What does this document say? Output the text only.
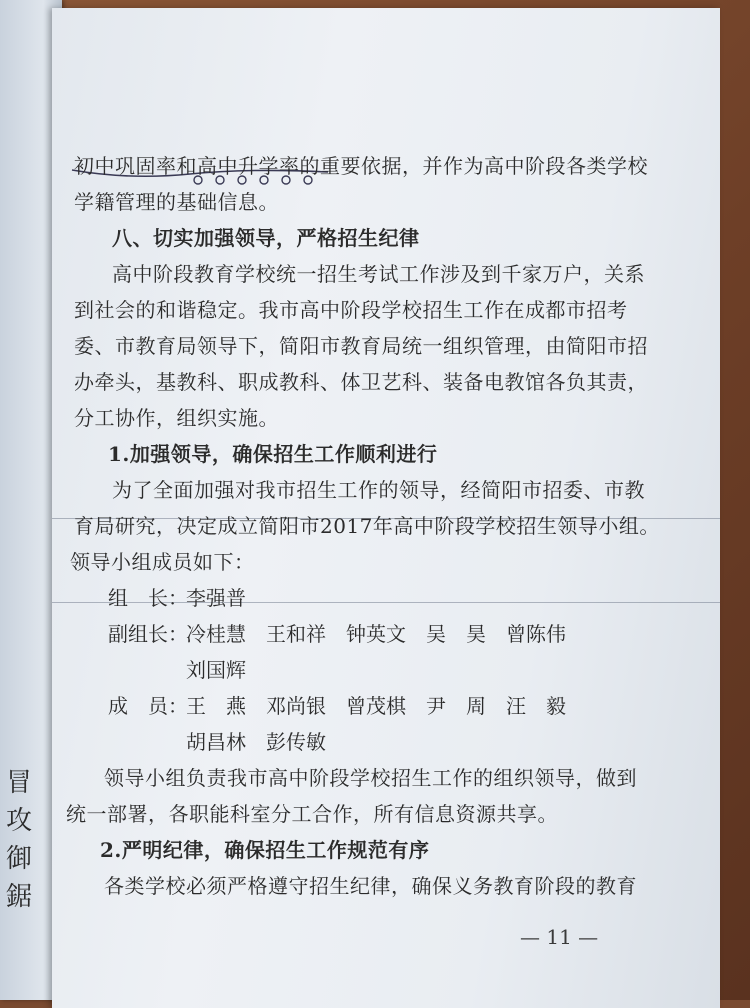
冒
攻
御
鋸
初中巩固率和高中升学率的重要依据，并作为高中阶段各类学校
学籍管理的基础信息。
八、切实加强领导，严格招生纪律
高中阶段教育学校统一招生考试工作涉及到千家万户，关系
到社会的和谐稳定。我市高中阶段学校招生工作在成都市招考
委、市教育局领导下，简阳市教育局统一组织管理，由简阳市招
办牵头，基教科、职成教科、体卫艺科、装备电教馆各负其责，
分工协作，组织实施。
1.加强领导，确保招生工作顺利进行
为了全面加强对我市招生工作的领导，经简阳市招委、市教
育局研究，决定成立简阳市2017年高中阶段学校招生领导小组。
领导小组成员如下：
组　长：
李强普
副组长：
冷桂慧　王和祥　钟英文　吴　昊　曾陈伟
刘国辉
成　员：
王　燕　邓尚银　曾茂棋　尹　周　汪　毅
胡昌林　彭传敏
领导小组负责我市高中阶段学校招生工作的组织领导，做到
统一部署，各职能科室分工合作，所有信息资源共享。
2.严明纪律，确保招生工作规范有序
各类学校必须严格遵守招生纪律，确保义务教育阶段的教育
— 11 —
